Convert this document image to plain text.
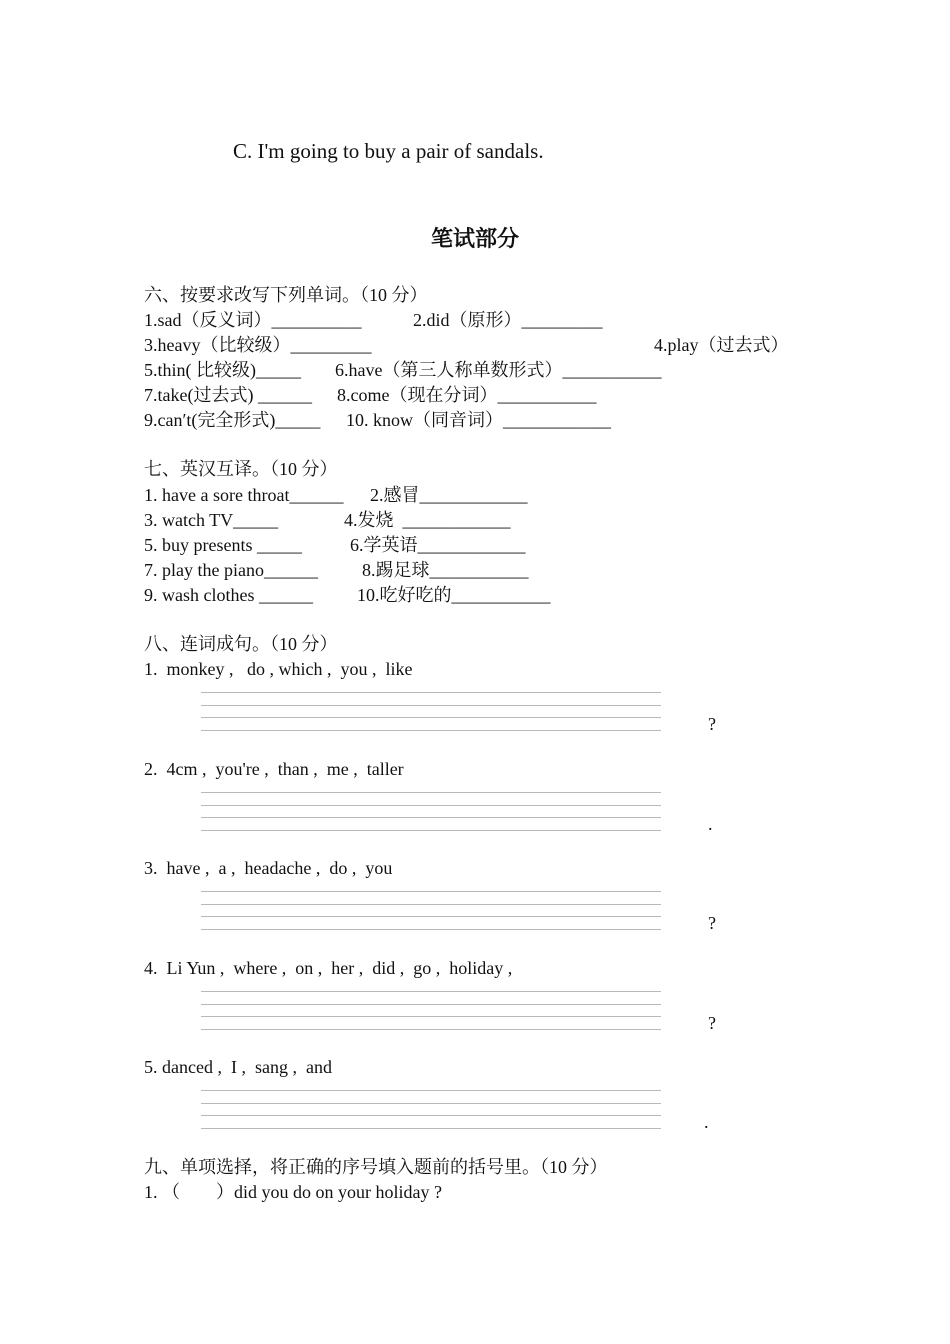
C. I'm going to buy a pair of sandals.
笔试部分
六、按要求改写下列单词。（10 分）
1.sad（反义词）__________	2.did（原形）_________
3.heavy（比较级）_________	4.play（过去式）
5.thin( 比较级)_____ 6.have（第三人称单数形式）___________
7.take(过去式) ______ 8.come（现在分词）___________
9.can′t(完全形式)_____ 10. know（同音词）____________
七、英汉互译。（10 分）
1. have a sore throat______ 2.感冒____________
3. watch TV_____	4.发烧  ____________
5. buy presents _____	6.学英语____________
7. play the piano______ 8.踢足球___________
9. wash clothes ______ 10.吃好吃的___________
八、连词成句。（10 分）
1.  monkey ,   do , which ,  you ,  like
?
2.  4cm ,  you're ,  than ,  me ,  taller
.
3.  have ,  a ,  headache ,  do ,  you
?
4.  Li Yun ,  where ,  on ,  her ,  did ,  go ,  holiday ,
?
5. danced ,  I ,  sang ,  and
.
九、单项选择，将正确的序号填入题前的括号里。（10 分）
1. （        ）did you do on your holiday ?
